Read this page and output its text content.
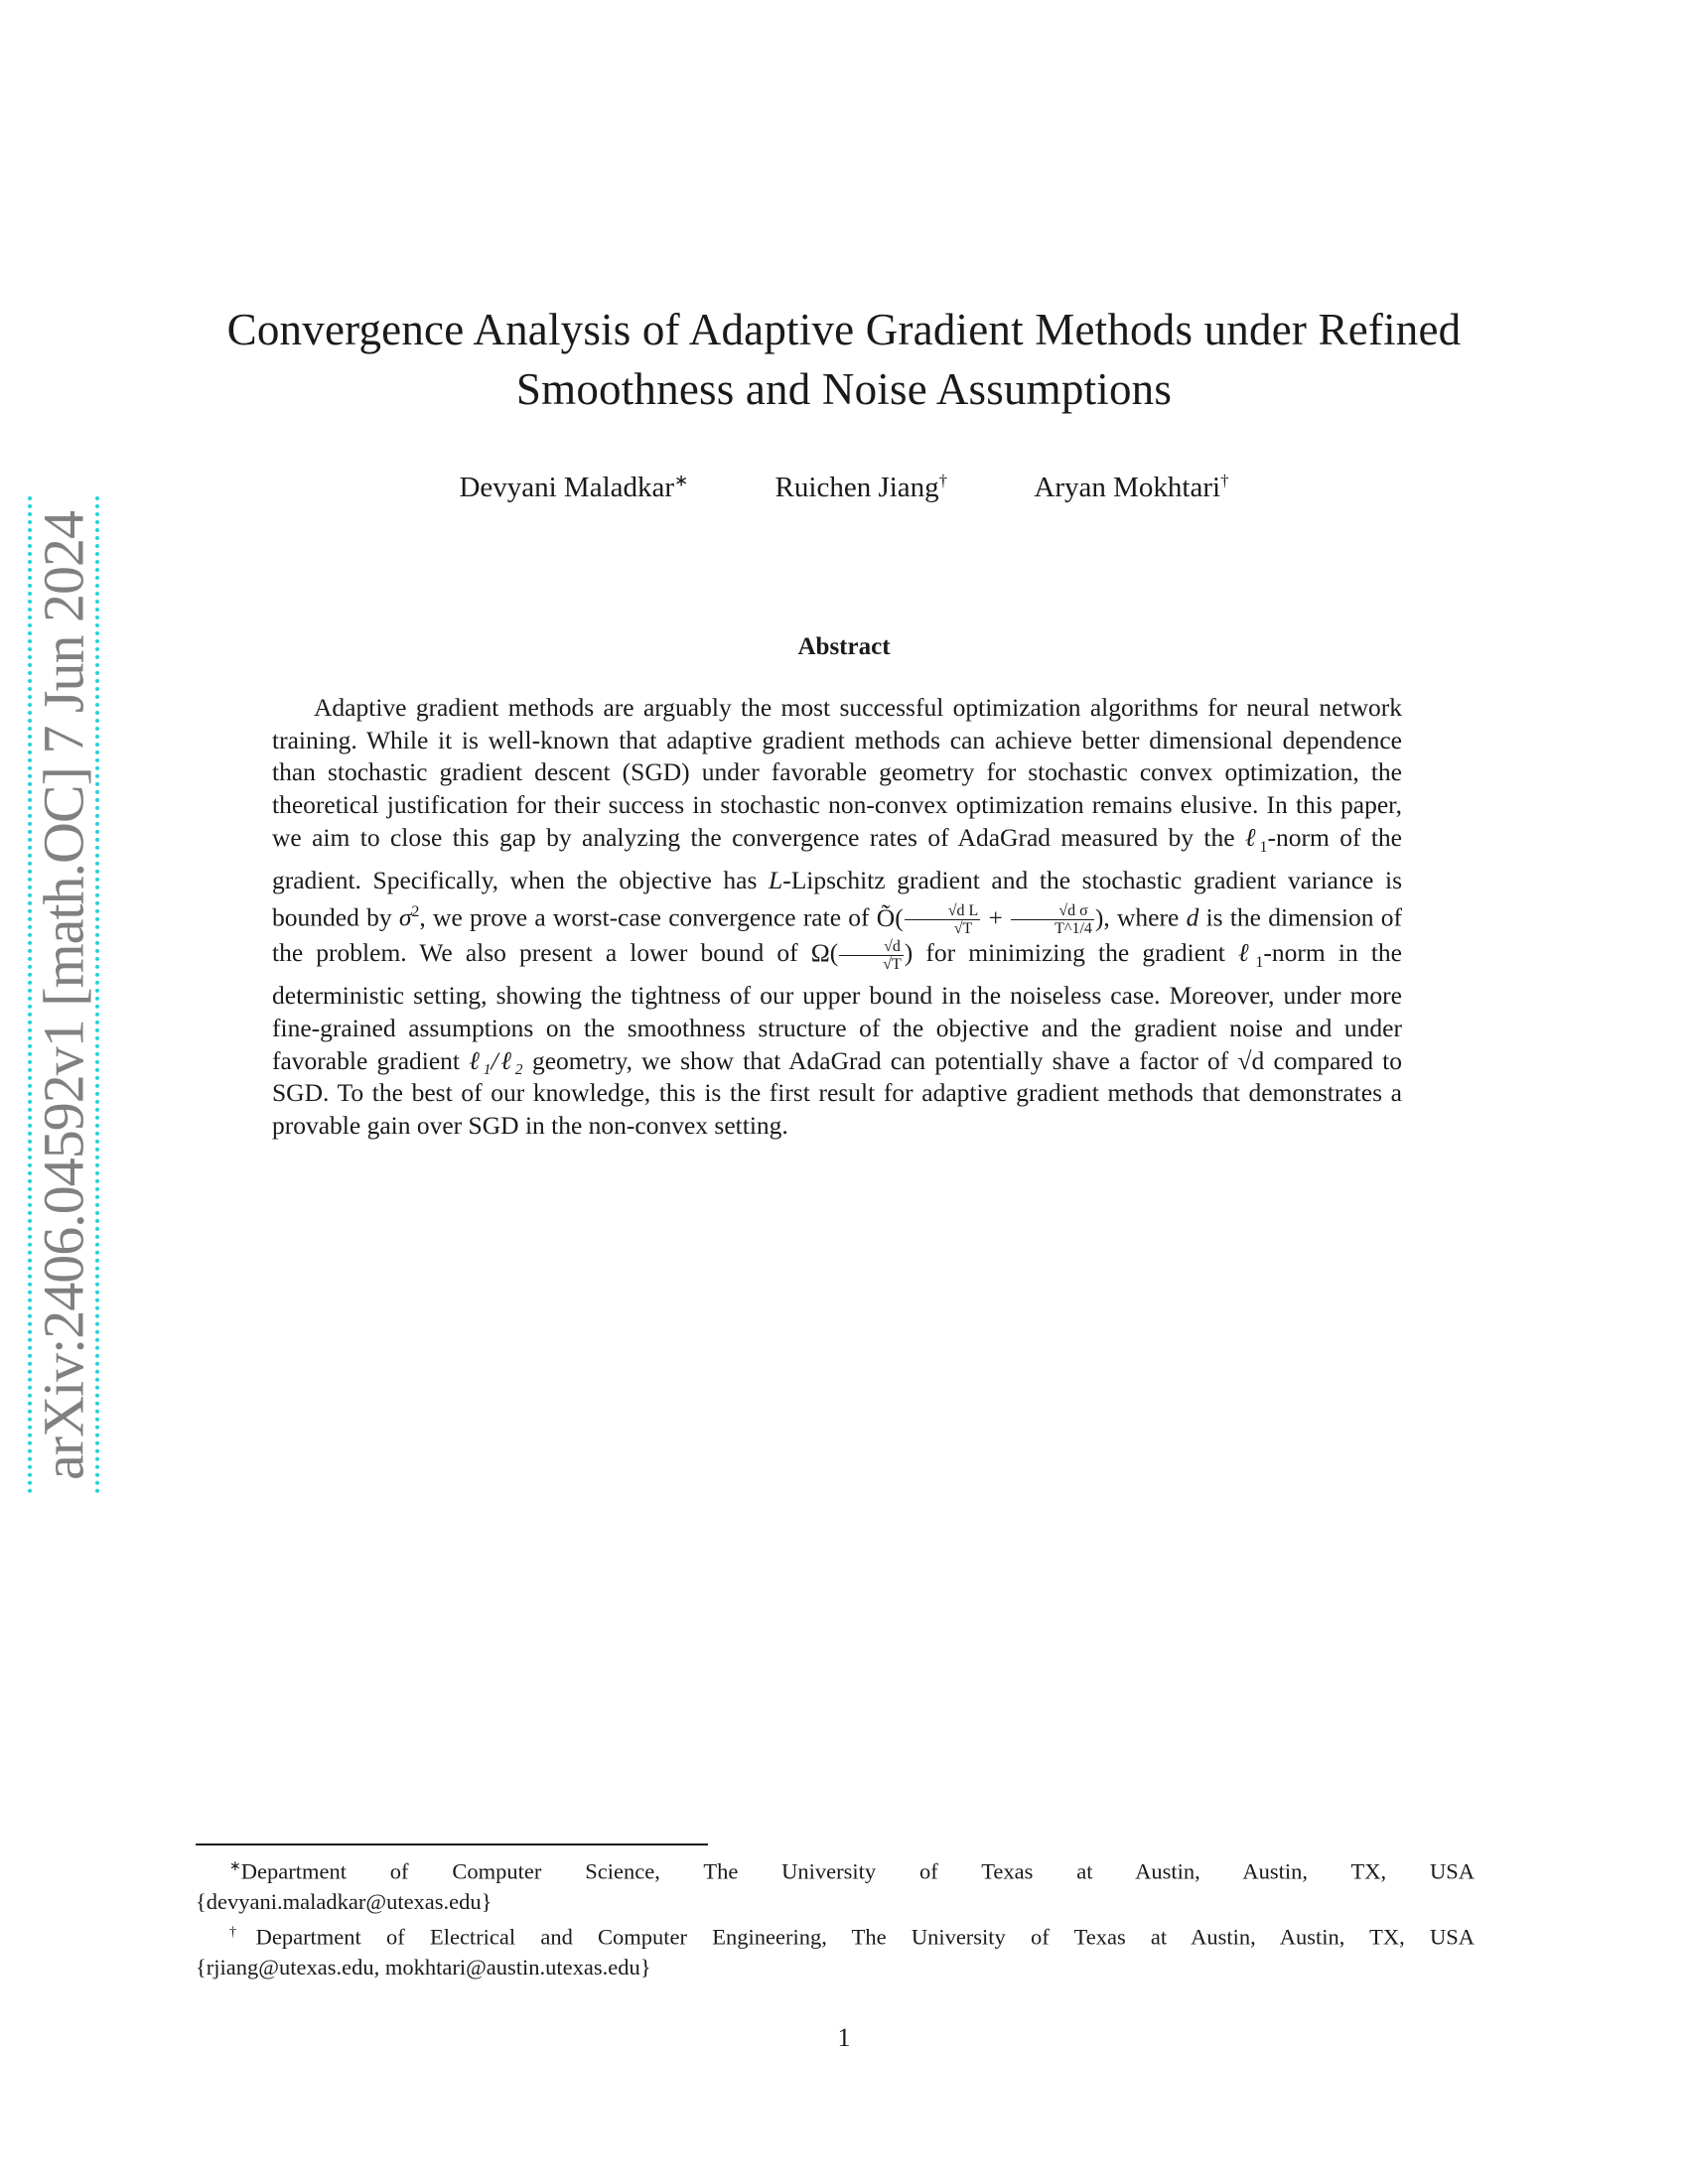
arXiv:2406.04592v1 [math.OC] 7 Jun 2024
Convergence Analysis of Adaptive Gradient Methods under Refined
Smoothness and Noise Assumptions
Devyani Maladkar∗	Ruichen Jiang†	Aryan Mokhtari†
Abstract
Adaptive gradient methods are arguably the most successful optimization algorithms for neural network training. While it is well-known that adaptive gradient methods can achieve better dimensional dependence than stochastic gradient descent (SGD) under favorable geometry for stochastic convex optimization, the theoretical justification for their success in stochastic non-convex optimization remains elusive. In this paper, we aim to close this gap by analyzing the convergence rates of AdaGrad measured by the ℓ$_1$-norm of the gradient. Specifically, when the objective has L-Lipschitz gradient and the stochastic gradient variance is bounded by $\sigma^2$, we prove a worst-case convergence rate of Õ( $\frac{\text{√d L}}{√T} + \frac{\text{√d σ}}{T\^{}1/4}$ ), where d is the dimension of the problem. We also present a lower bound of $\Omega( \frac{√d}{√T}$ ) for minimizing the gradient ℓ$_1$-norm in the deterministic setting, showing the tightness of our upper bound in the noiseless case. Moreover, under more fine-grained assumptions on the smoothness structure of the objective and the gradient noise and under favorable gradient ℓ₁/ℓ₂ geometry, we show that AdaGrad can potentially shave a factor of √d compared to SGD. To the best of our knowledge, this is the first result for adaptive gradient methods that demonstrates a provable gain over SGD in the non-convex setting.
∗Department of Computer Science, The University of Texas at Austin, Austin, TX, USA
{devyani.maladkar@utexas.edu}
†Department of Electrical and Computer Engineering, The University of Texas at Austin, Austin, TX, USA
{rjiang@utexas.edu, mokhtari@austin.utexas.edu}
1
